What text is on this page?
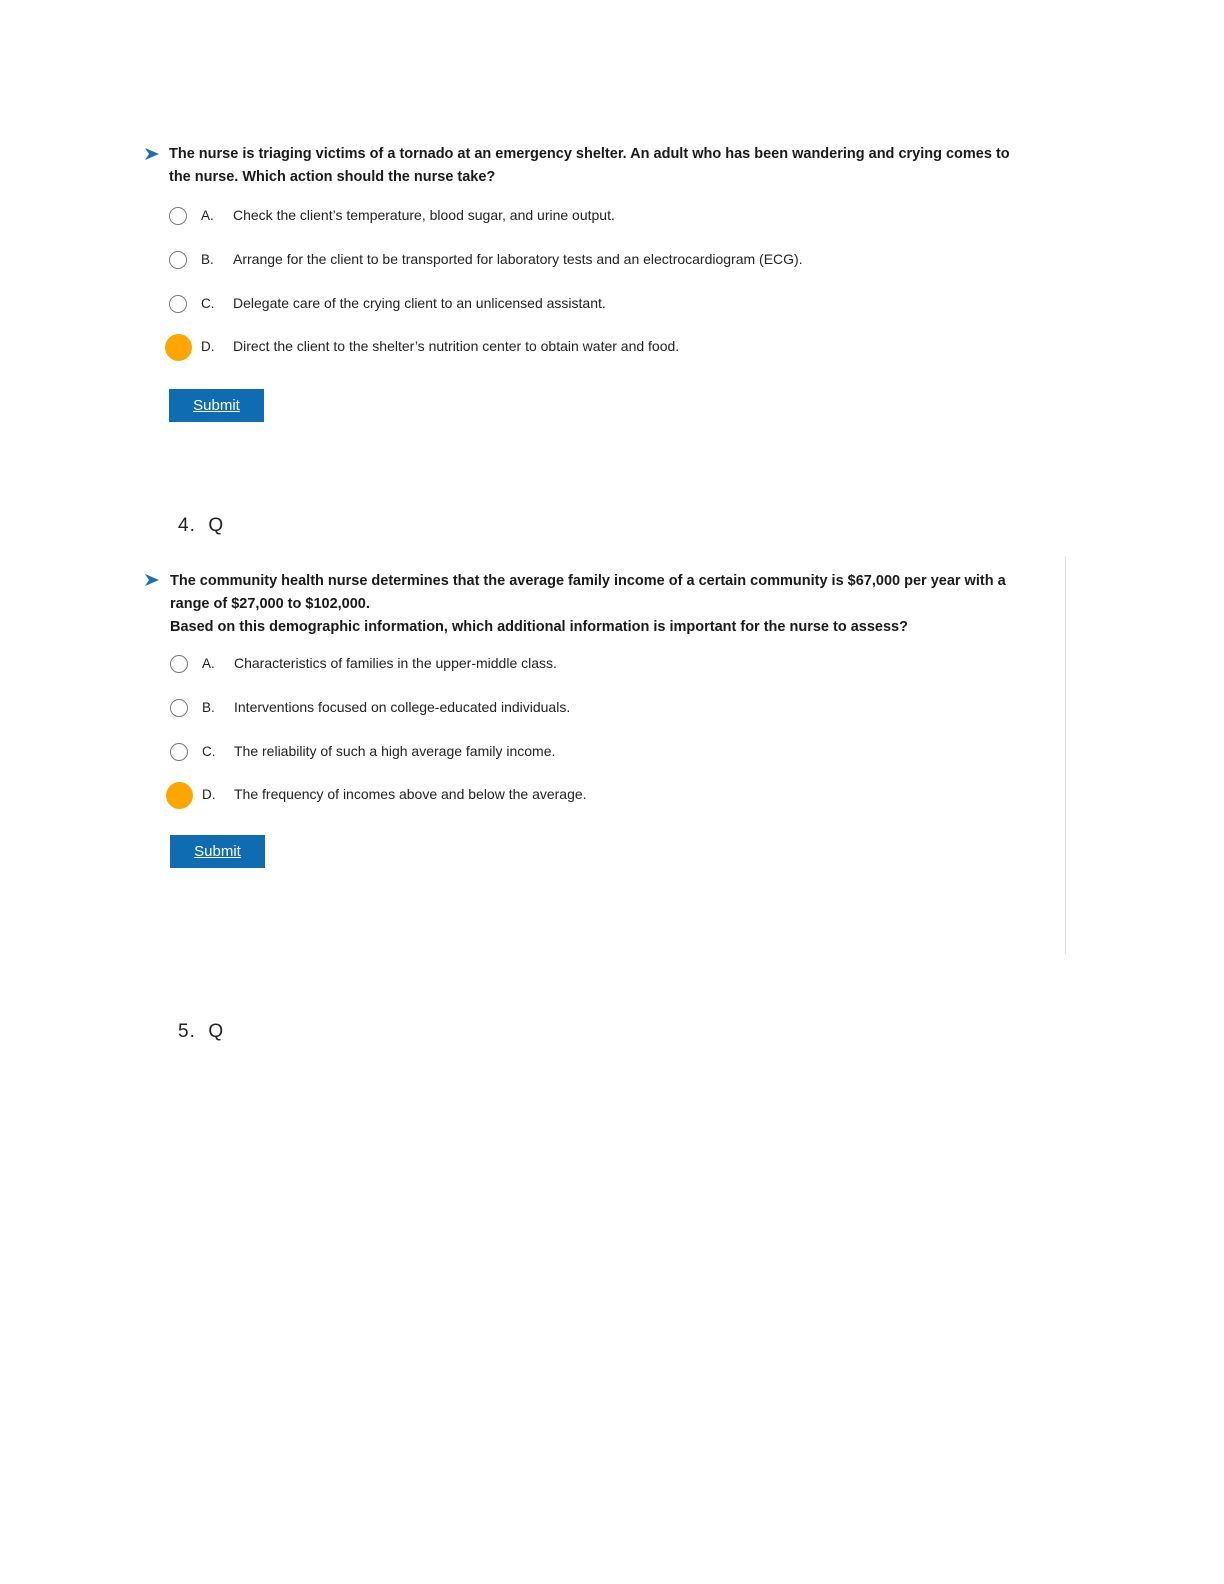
The nurse is triaging victims of a tornado at an emergency shelter. An adult who has been wandering and crying comes to
the nurse. Which action should the nurse take?
A. Check the client’s temperature, blood sugar, and urine output.
B. Arrange for the client to be transported for laboratory tests and an electrocardiogram (ECG).
C. Delegate care of the crying client to an unlicensed assistant.
D. Direct the client to the shelter’s nutrition center to obtain water and food.
Submit
4.  Q
The community health nurse determines that the average family income of a certain community is $67,000 per year with a
range of $27,000 to $102,000.
Based on this demographic information, which additional information is important for the nurse to assess?
A. Characteristics of families in the upper-middle class.
B. Interventions focused on college-educated individuals.
C. The reliability of such a high average family income.
D. The frequency of incomes above and below the average.
Submit
5.  Q
